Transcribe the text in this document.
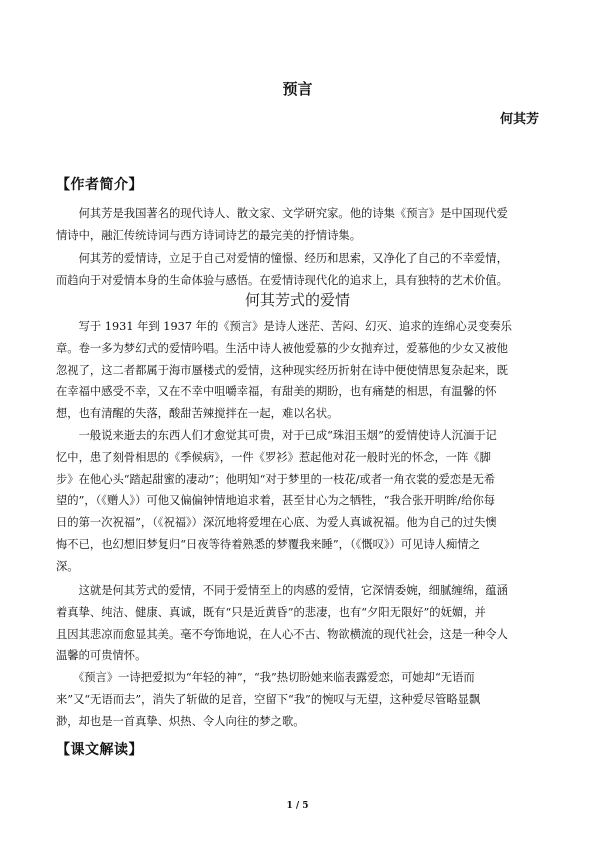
预言
何其芳
【作者简介】
　　何其芳是我国著名的现代诗人、散文家、文学研究家。他的诗集《预言》是中国现代爱
情诗中，融汇传统诗词与西方诗词诗艺的最完美的抒情诗集。
　　何其芳的爱情诗，立足于自己对爱情的憧憬、经历和思索，又净化了自己的不幸爱情，
而趋向于对爱情本身的生命体验与感悟。在爱情诗现代化的追求上，具有独特的艺术价值。
何其芳式的爱情
　　写于 1931 年到 1937 年的《预言》是诗人迷茫、苦闷、幻灭、追求的连绵心灵变奏乐
章。卷一多为梦幻式的爱情吟唱。生活中诗人被他爱慕的少女抛弃过，爱慕他的少女又被他
忽视了，这二者都属于海市蜃楼式的爱情，这种现实经历折射在诗中便使情思复杂起来，既
在幸福中感受不幸，又在不幸中咀嚼幸福，有甜美的期盼，也有痛楚的相思，有温馨的怀
想，也有清醒的失落，酸甜苦辣搅拌在一起，难以名状。
　　一般说来逝去的东西人们才愈觉其可贵，对于已成“珠泪玉烟”的爱情使诗人沉湎于记
忆中，患了刻骨相思的《季候病》，一件《罗衫》惹起他对花一般时光的怀念，一阵《脚
步》在他心头“踏起甜蜜的凄动”；他明知“对于梦里的一枝花/或者一角衣裳的爱恋是无希
望的”，（《赠人》）可他又偏偏钟情地追求着，甚至甘心为之牺牲，“我合张开明眸/给你每
日的第一次祝福”，（《祝福》）深沉地将爱埋在心底、为爱人真诚祝福。他为自己的过失懊
悔不已，也幻想旧梦复归“日夜等待着熟悉的梦覆我来睡”，（《慨叹》）可见诗人痴情之
深。
　　这就是何其芳式的爱情，不同于爱情至上的肉感的爱情，它深情委婉，细腻缠绵，蕴涵
着真挚、纯洁、健康、真诚，既有“只是近黄昏”的悲凄，也有“夕阳无限好”的妩媚，并
且因其悲凉而愈显其美。毫不夸饰地说，在人心不古、物欲横流的现代社会，这是一种令人
温馨的可贵情怀。
　　《预言》一诗把爱拟为“年轻的神”，“我”热切盼她来临表露爱恋，可她却“无语而
来”又“无语而去”，消失了斩做的足音，空留下“我”的惋叹与无望，这种爱尽管略显飘
渺，却也是一首真挚、炽热、令人向往的梦之歌。
【课文解读】
1 / 5
